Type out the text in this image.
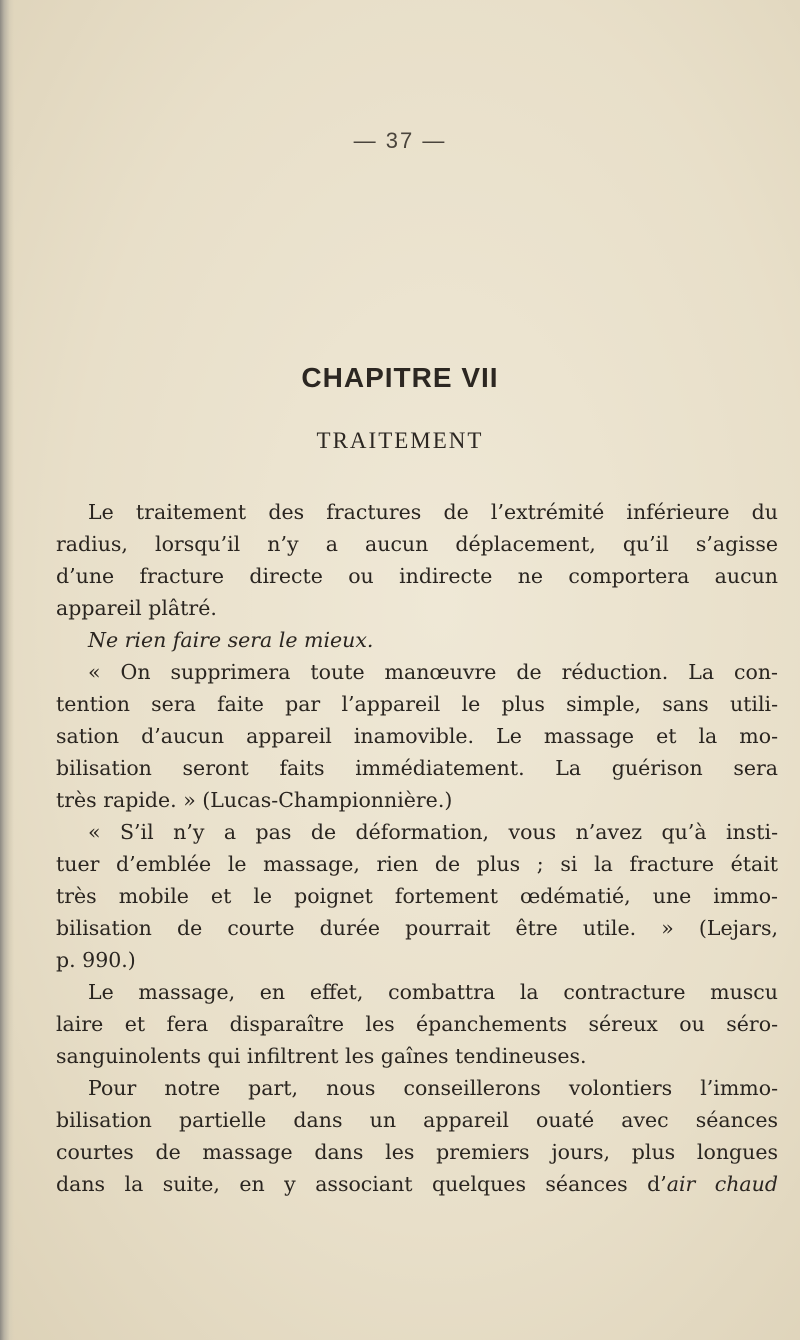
— 37 —
CHAPITRE VII
TRAITEMENT
Le traitement des fractures de l’extrémité inférieure du
radius, lorsqu’il n’y a aucun déplacement, qu’il s’agisse
d’une fracture directe ou indirecte ne comportera aucun
appareil plâtré.
Ne rien faire sera le mieux.
« On supprimera toute manœuvre de réduction. La con-
tention sera faite par l’appareil le plus simple, sans utili-
sation d’aucun appareil inamovible. Le massage et la mo-
bilisation seront faits immédiatement. La guérison sera
très rapide. » (Lucas-Championnière.)
« S’il n’y a pas de déformation, vous n’avez qu’à insti-
tuer d’emblée le massage, rien de plus ; si la fracture était
très mobile et le poignet fortement œdématié, une immo-
bilisation de courte durée pourrait être utile. » (Lejars,
p. 990.)
Le massage, en effet, combattra la contracture muscu
laire et fera disparaître les épanchements séreux ou séro-
sanguinolents qui infiltrent les gaînes tendineuses.
Pour notre part, nous conseillerons volontiers l’immo-
bilisation partielle dans un appareil ouaté avec séances
courtes de massage dans les premiers jours, plus longues
dans la suite, en y associant quelques séances d’air chaud
